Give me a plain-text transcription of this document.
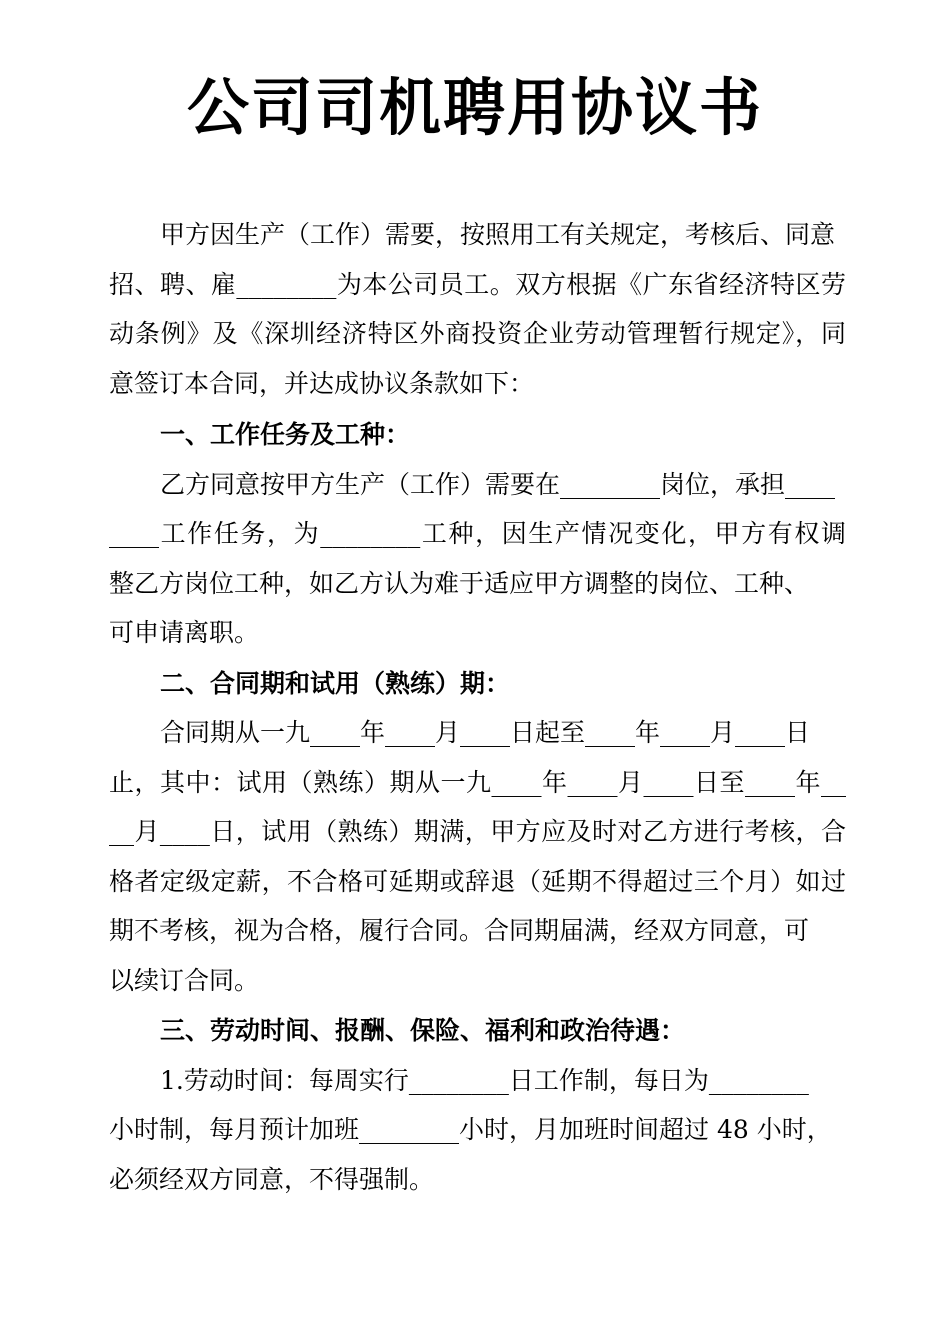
公司司机聘用协议书

甲方因生产（工作）需要，按照用工有关规定，考核后、同意

招、聘、雇________为本公司员工。双方根据《广东省经济特区劳

动条例》及《深圳经济特区外商投资企业劳动管理暂行规定》，同

意签订本合同，并达成协议条款如下：

一、工作任务及工种：

乙方同意按甲方生产（工作）需要在________岗位，承担____

____工作任务，为________工种，因生产情况变化，甲方有权调

整乙方岗位工种，如乙方认为难于适应甲方调整的岗位、工种、

可申请离职。

二、合同期和试用（熟练）期：

合同期从一九____年____月____日起至____年____月____日

止，其中：试用（熟练）期从一九____年____月____日至____年__

__月____日，试用（熟练）期满，甲方应及时对乙方进行考核，合

格者定级定薪，不合格可延期或辞退（延期不得超过三个月）如过

期不考核，视为合格，履行合同。合同期届满，经双方同意，可

以续订合同。

三、劳动时间、报酬、保险、福利和政治待遇：

1.劳动时间：每周实行________日工作制，每日为________

小时制，每月预计加班________小时，月加班时间超过 48 小时，

必须经双方同意，不得强制。
